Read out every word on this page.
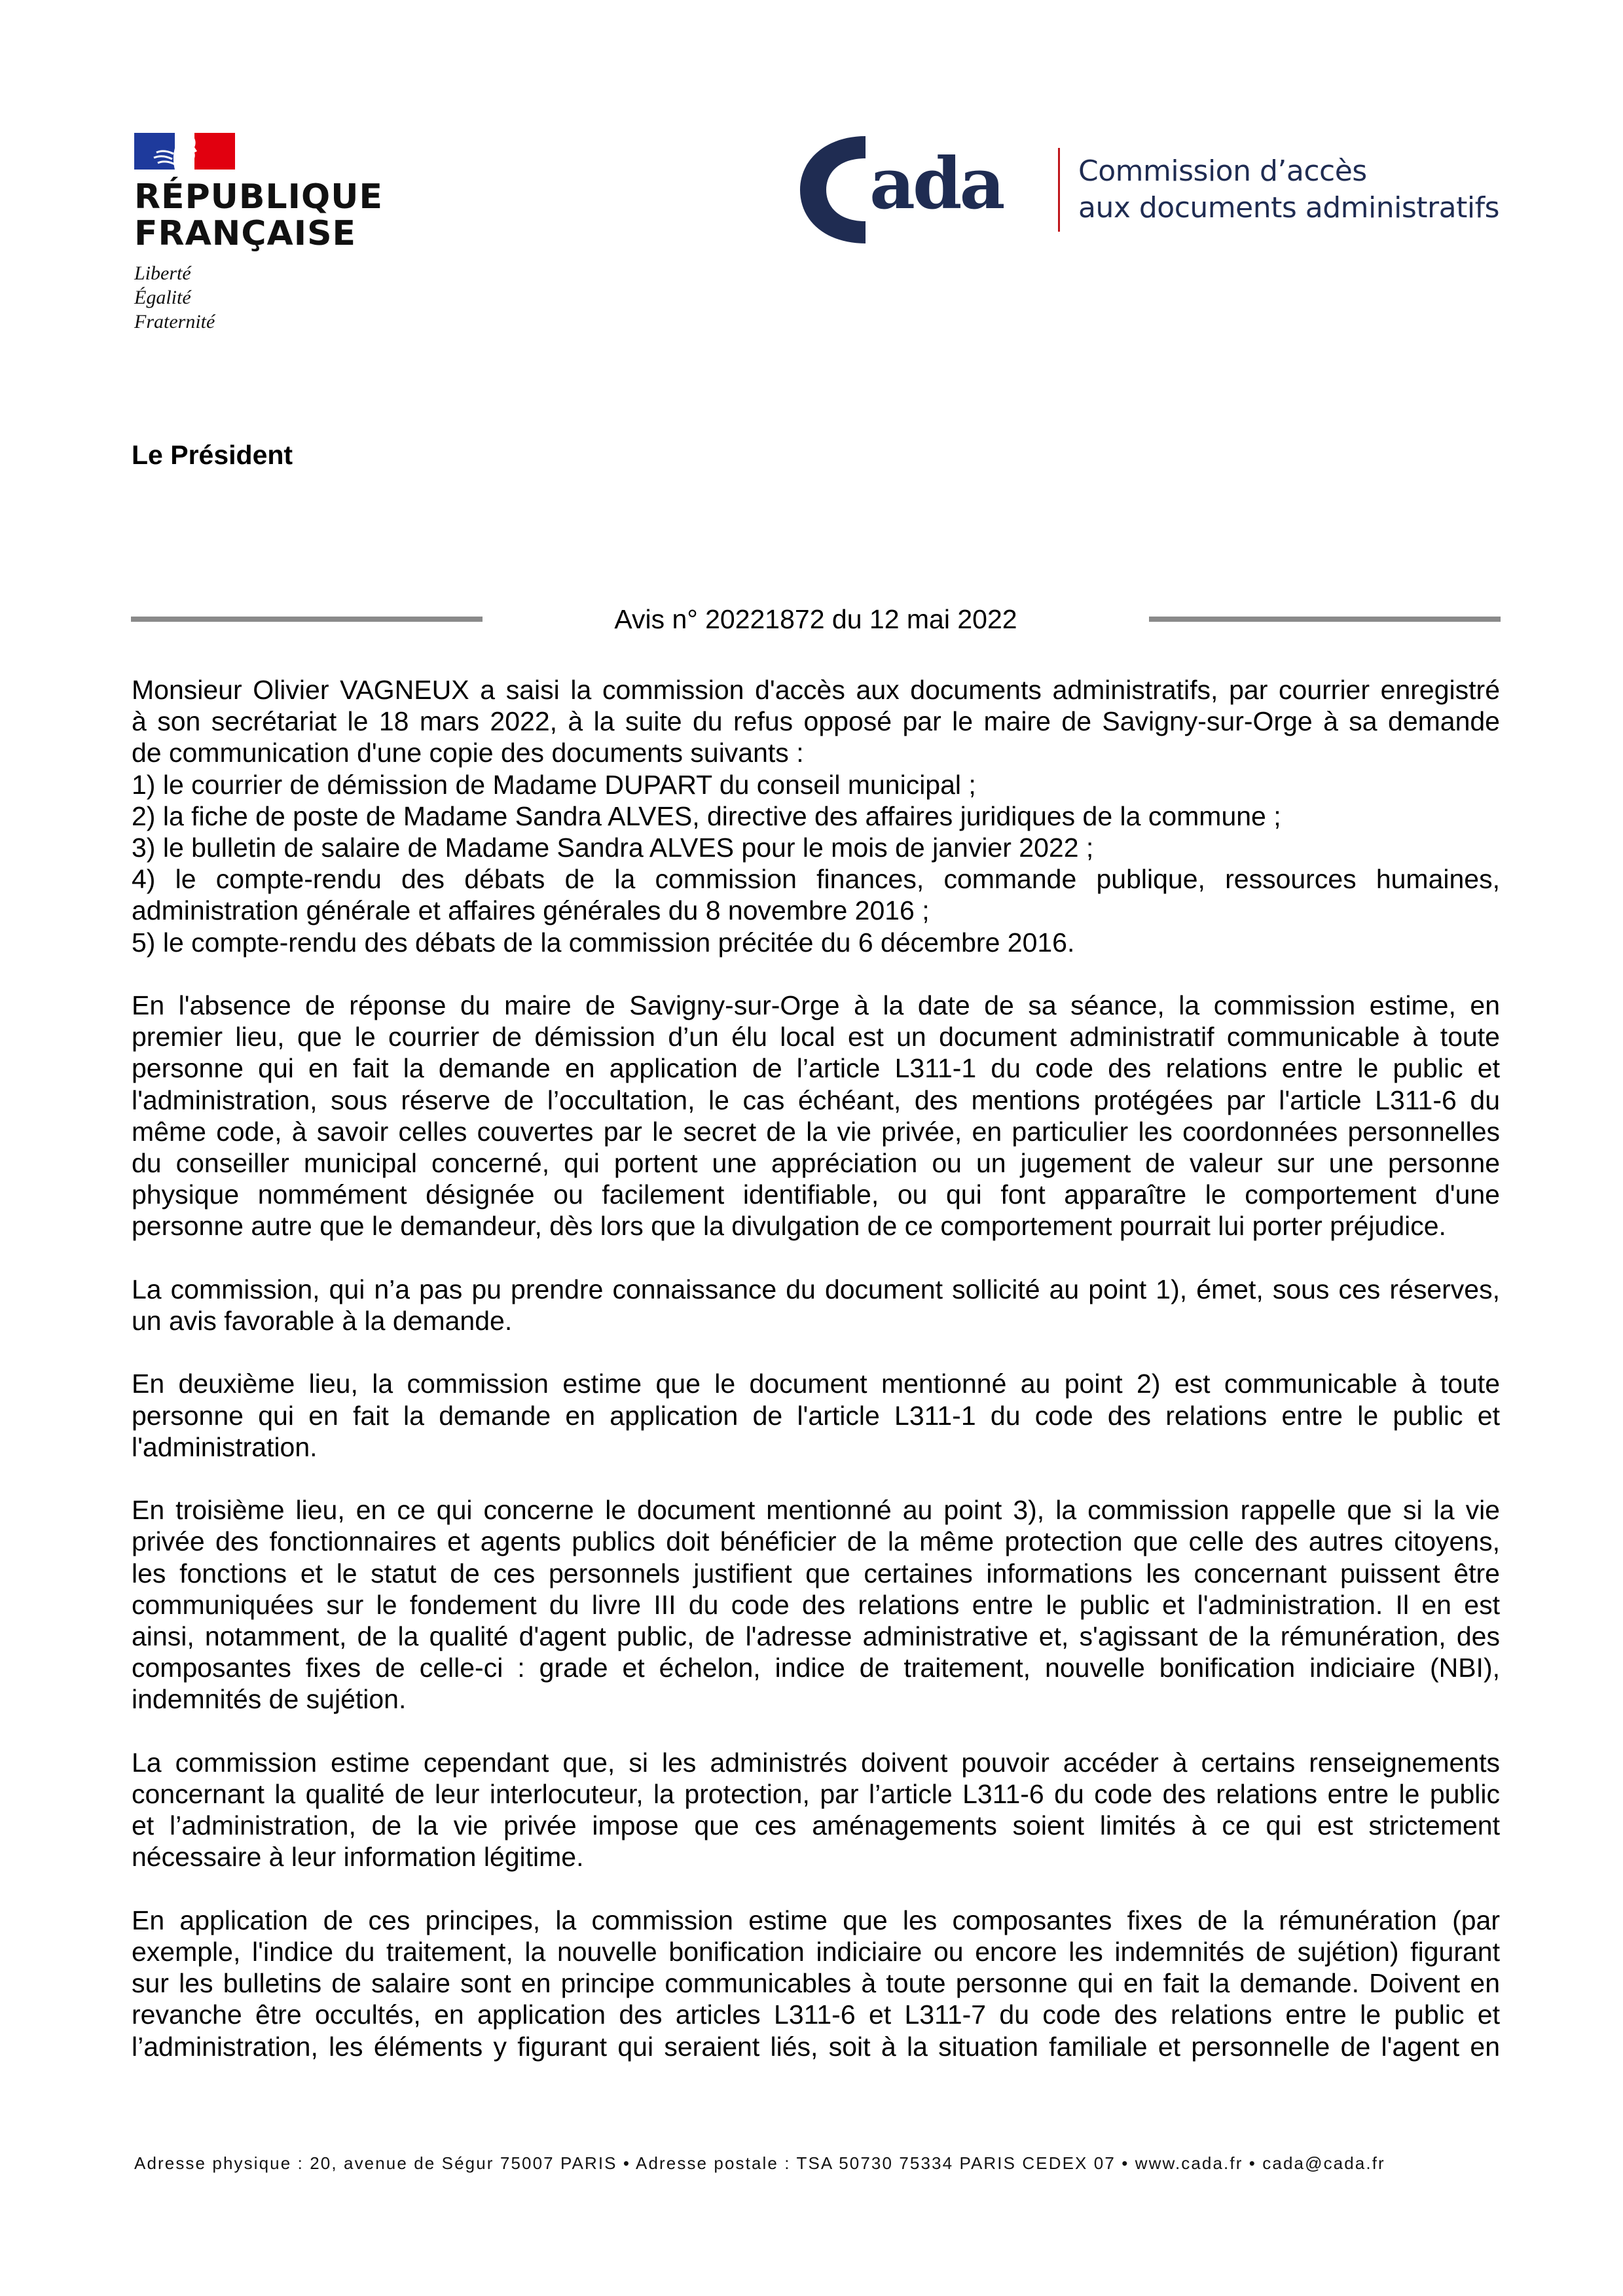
RÉPUBLIQUE
FRANÇAISE
Liberté
Égalité
Fraternité
ada	Commission d’accès
aux documents administratifs
Le Président
Avis n° 20221872 du 12 mai 2022
Monsieur Olivier VAGNEUX a saisi la commission d'accès aux documents administratifs, par courrier enregistré
à son secrétariat le 18 mars 2022, à la suite du refus opposé par le maire de Savigny-sur-Orge à sa demande
de communication d'une copie des documents suivants :
1) le courrier de démission de Madame DUPART du conseil municipal ;
2) la fiche de poste de Madame Sandra ALVES, directive des affaires juridiques de la commune ;
3) le bulletin de salaire de Madame Sandra ALVES pour le mois de janvier 2022 ;
4) le compte-rendu des débats de la commission finances, commande publique, ressources humaines,
administration générale et affaires générales du 8 novembre 2016 ;
5) le compte-rendu des débats de la commission précitée du 6 décembre 2016.
En l'absence de réponse du maire de Savigny-sur-Orge à la date de sa séance, la commission estime, en
premier lieu, que le courrier de démission d’un élu local est un document administratif communicable à toute
personne qui en fait la demande en application de l’article L311-1 du code des relations entre le public et
l'administration, sous réserve de l’occultation, le cas échéant, des mentions protégées par l'article L311-6 du
même code, à savoir celles couvertes par le secret de la vie privée, en particulier les coordonnées personnelles
du conseiller municipal concerné, qui portent une appréciation ou un jugement de valeur sur une personne
physique nommément désignée ou facilement identifiable, ou qui font apparaître le comportement d'une
personne autre que le demandeur, dès lors que la divulgation de ce comportement pourrait lui porter préjudice.
La commission, qui n’a pas pu prendre connaissance du document sollicité au point 1), émet, sous ces réserves,
un avis favorable à la demande.
En deuxième lieu, la commission estime que le document mentionné au point 2) est communicable à toute
personne qui en fait la demande en application de l'article L311-1 du code des relations entre le public et
l'administration.
En troisième lieu, en ce qui concerne le document mentionné au point 3), la commission rappelle que si la vie
privée des fonctionnaires et agents publics doit bénéficier de la même protection que celle des autres citoyens,
les fonctions et le statut de ces personnels justifient que certaines informations les concernant puissent être
communiquées sur le fondement du livre III du code des relations entre le public et l'administration. Il en est
ainsi, notamment, de la qualité d'agent public, de l'adresse administrative et, s'agissant de la rémunération, des
composantes fixes de celle-ci : grade et échelon, indice de traitement, nouvelle bonification indiciaire (NBI),
indemnités de sujétion.
La commission estime cependant que, si les administrés doivent pouvoir accéder à certains renseignements
concernant la qualité de leur interlocuteur, la protection, par l’article L311-6 du code des relations entre le public
et l’administration, de la vie privée impose que ces aménagements soient limités à ce qui est strictement
nécessaire à leur information légitime.
En application de ces principes, la commission estime que les composantes fixes de la rémunération (par
exemple, l'indice du traitement, la nouvelle bonification indiciaire ou encore les indemnités de sujétion) figurant
sur les bulletins de salaire sont en principe communicables à toute personne qui en fait la demande. Doivent en
revanche être occultés, en application des articles L311-6 et L311-7 du code des relations entre le public et
l’administration, les éléments y figurant qui seraient liés, soit à la situation familiale et personnelle de l'agent en
Adresse physique : 20, avenue de Ségur 75007 PARIS • Adresse postale : TSA 50730 75334 PARIS CEDEX 07 • www.cada.fr • cada@cada.fr
